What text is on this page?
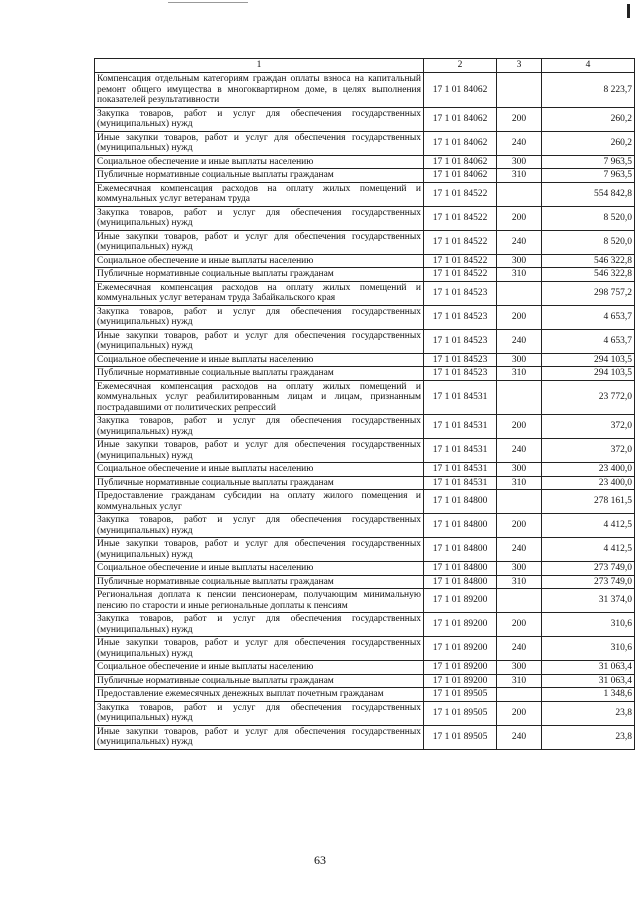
1	2	3	4
Компенсация отдельным категориям граждан оплаты взноса на капитальный ремонт общего имущества в многоквартирном доме, в целях выполнения показателей результативности	17 1 01 84062		8 223,7
Закупка товаров, работ и услуг для обеспечения государственных (муниципальных) нужд	17 1 01 84062	200	260,2
Иные закупки товаров, работ и услуг для обеспечения государственных (муниципальных) нужд	17 1 01 84062	240	260,2
Социальное обеспечение и иные выплаты населению	17 1 01 84062	300	7 963,5
Публичные нормативные социальные выплаты гражданам	17 1 01 84062	310	7 963,5
Ежемесячная компенсация расходов на оплату жилых помещений и коммунальных услуг ветеранам труда	17 1 01 84522		554 842,8
Закупка товаров, работ и услуг для обеспечения государственных (муниципальных) нужд	17 1 01 84522	200	8 520,0
Иные закупки товаров, работ и услуг для обеспечения государственных (муниципальных) нужд	17 1 01 84522	240	8 520,0
Социальное обеспечение и иные выплаты населению	17 1 01 84522	300	546 322,8
Публичные нормативные социальные выплаты гражданам	17 1 01 84522	310	546 322,8
Ежемесячная компенсация расходов на оплату жилых помещений и коммунальных услуг ветеранам труда Забайкальского края	17 1 01 84523		298 757,2
Закупка товаров, работ и услуг для обеспечения государственных (муниципальных) нужд	17 1 01 84523	200	4 653,7
Иные закупки товаров, работ и услуг для обеспечения государственных (муниципальных) нужд	17 1 01 84523	240	4 653,7
Социальное обеспечение и иные выплаты населению	17 1 01 84523	300	294 103,5
Публичные нормативные социальные выплаты гражданам	17 1 01 84523	310	294 103,5
Ежемесячная компенсация расходов на оплату жилых помещений и коммунальных услуг реабилитированным лицам и лицам, признанным пострадавшими от политических репрессий	17 1 01 84531		23 772,0
Закупка товаров, работ и услуг для обеспечения государственных (муниципальных) нужд	17 1 01 84531	200	372,0
Иные закупки товаров, работ и услуг для обеспечения государственных (муниципальных) нужд	17 1 01 84531	240	372,0
Социальное обеспечение и иные выплаты населению	17 1 01 84531	300	23 400,0
Публичные нормативные социальные выплаты гражданам	17 1 01 84531	310	23 400,0
Предоставление гражданам субсидии на оплату жилого помещения и коммунальных услуг	17 1 01 84800		278 161,5
Закупка товаров, работ и услуг для обеспечения государственных (муниципальных) нужд	17 1 01 84800	200	4 412,5
Иные закупки товаров, работ и услуг для обеспечения государственных (муниципальных) нужд	17 1 01 84800	240	4 412,5
Социальное обеспечение и иные выплаты населению	17 1 01 84800	300	273 749,0
Публичные нормативные социальные выплаты гражданам	17 1 01 84800	310	273 749,0
Региональная доплата к пенсии пенсионерам, получающим минимальную пенсию по старости и иные региональные доплаты к пенсиям	17 1 01 89200		31 374,0
Закупка товаров, работ и услуг для обеспечения государственных (муниципальных) нужд	17 1 01 89200	200	310,6
Иные закупки товаров, работ и услуг для обеспечения государственных (муниципальных) нужд	17 1 01 89200	240	310,6
Социальное обеспечение и иные выплаты населению	17 1 01 89200	300	31 063,4
Публичные нормативные социальные выплаты гражданам	17 1 01 89200	310	31 063,4
Предоставление ежемесячных денежных выплат почетным гражданам	17 1 01 89505		1 348,6
Закупка товаров, работ и услуг для обеспечения государственных (муниципальных) нужд	17 1 01 89505	200	23,8
Иные закупки товаров, работ и услуг для обеспечения государственных (муниципальных) нужд	17 1 01 89505	240	23,8
63
